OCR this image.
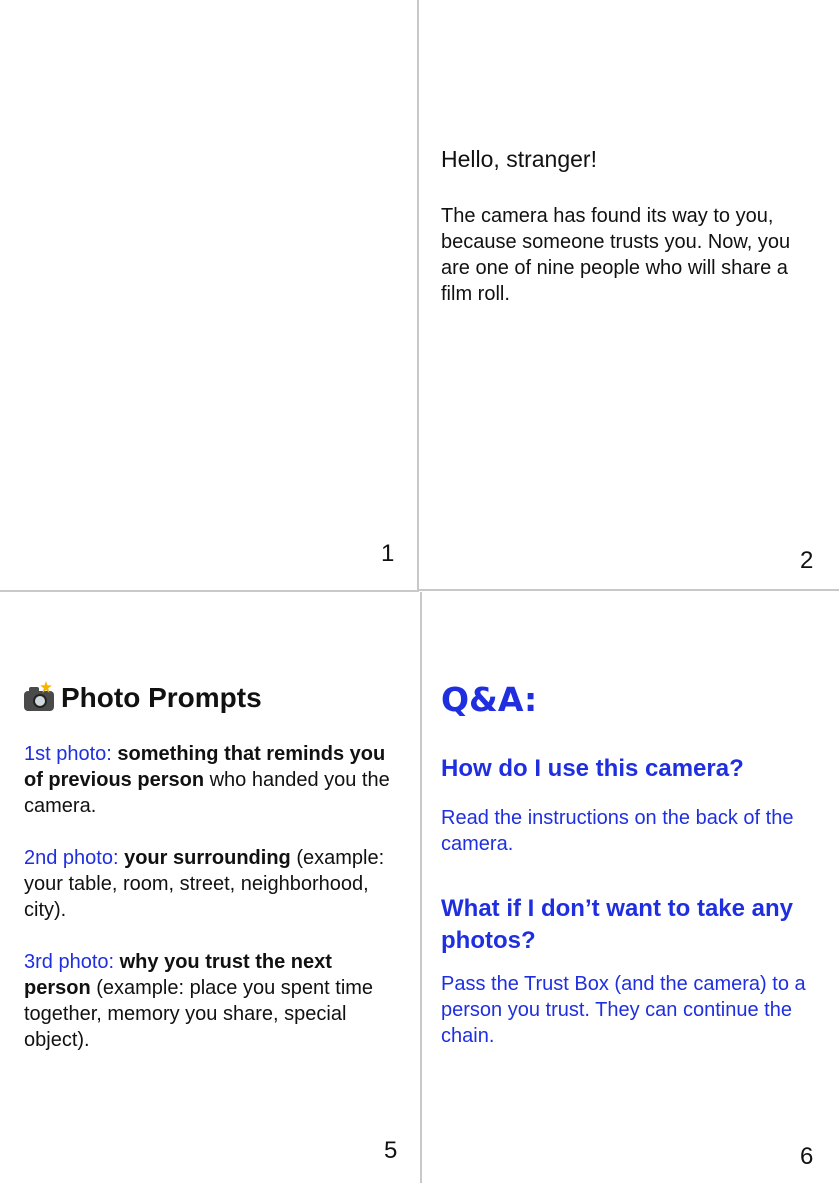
1
Hello, stranger!
The camera has found its way to you, because someone trusts you. Now, you are one of nine people who will share a film roll.
2
Photo Prompts
1st photo: something that reminds you of previous person who handed you the camera.
2nd photo: your surrounding (example: your table, room, street, neighborhood, city).
3rd photo: why you trust the next person (example: place you spent time together, memory you share, special object).
5
Q&A:
How do I use this camera?
Read the instructions on the back of the camera.
What if I don’t want to take any photos?
Pass the Trust Box (and the camera) to a person you trust. They can continue the chain.
6
